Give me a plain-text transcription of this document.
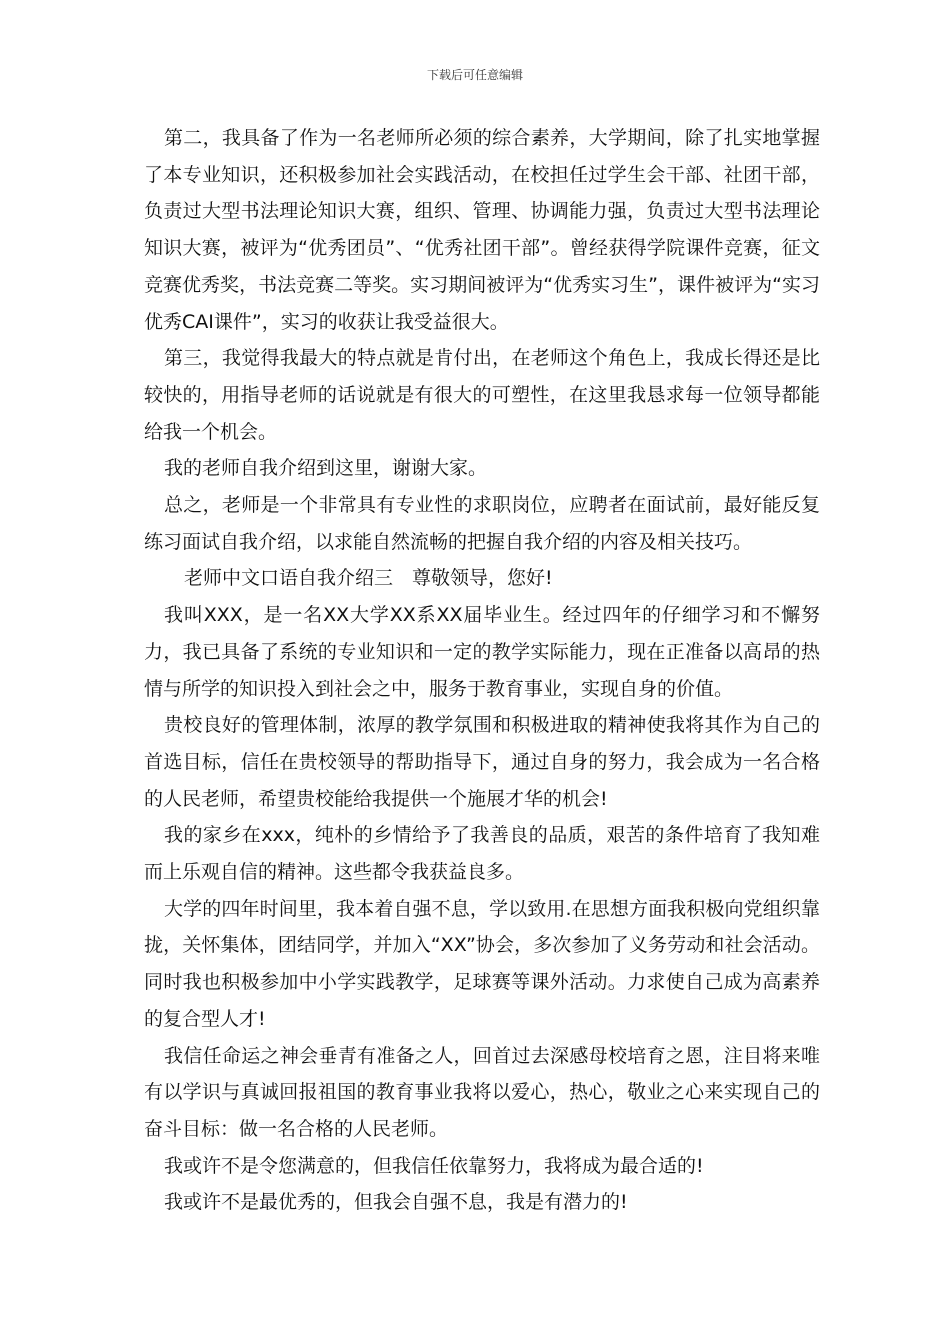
下载后可任意编辑

第二，我具备了作为一名老师所必须的综合素养，大学期间，除了扎实地掌握了本专业知识，还积极参加社会实践活动，在校担任过学生会干部、社团干部，负责过大型书法理论知识大赛，组织、管理、协调能力强，负责过大型书法理论知识大赛，被评为“优秀团员”、“优秀社团干部”。曾经获得学院课件竞赛，征文竞赛优秀奖，书法竞赛二等奖。实习期间被评为“优秀实习生”，课件被评为“实习优秀CAI课件”，实习的收获让我受益很大。

第三，我觉得我最大的特点就是肯付出，在老师这个角色上，我成长得还是比较快的，用指导老师的话说就是有很大的可塑性，在这里我恳求每一位领导都能给我一个机会。

我的老师自我介绍到这里，谢谢大家。

总之，老师是一个非常具有专业性的求职岗位，应聘者在面试前，最好能反复练习面试自我介绍，以求能自然流畅的把握自我介绍的内容及相关技巧。

老师中文口语自我介绍三　尊敬领导，您好!

我叫XXX，是一名XX大学XX系XX届毕业生。经过四年的仔细学习和不懈努力，我已具备了系统的专业知识和一定的教学实际能力，现在正准备以高昂的热情与所学的知识投入到社会之中，服务于教育事业，实现自身的价值。

贵校良好的管理体制，浓厚的教学氛围和积极进取的精神使我将其作为自己的首选目标，信任在贵校领导的帮助指导下，通过自身的努力，我会成为一名合格的人民老师，希望贵校能给我提供一个施展才华的机会!

我的家乡在xxx，纯朴的乡情给予了我善良的品质，艰苦的条件培育了我知难而上乐观自信的精神。这些都令我获益良多。

大学的四年时间里，我本着自强不息，学以致用.在思想方面我积极向党组织靠拢，关怀集体，团结同学，并加入“XX”协会，多次参加了义务劳动和社会活动。同时我也积极参加中小学实践教学，足球赛等课外活动。力求使自己成为高素养的复合型人才!

我信任命运之神会垂青有准备之人，回首过去深感母校培育之恩，注目将来唯有以学识与真诚回报祖国的教育事业我将以爱心，热心，敬业之心来实现自己的奋斗目标：做一名合格的人民老师。

我或许不是令您满意的，但我信任依靠努力，我将成为最合适的!

我或许不是最优秀的，但我会自强不息，我是有潜力的!
